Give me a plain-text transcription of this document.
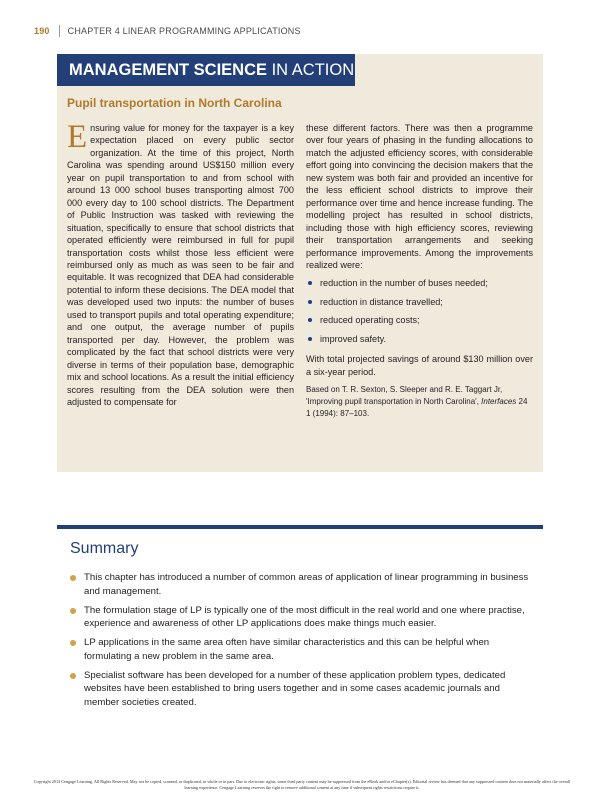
190 CHAPTER 4 LINEAR PROGRAMMING APPLICATIONS
MANAGEMENT SCIENCE IN ACTION
Pupil transportation in North Carolina

Ensuring value for money for the taxpayer is a key expectation placed on every public sector organization. At the time of this project, North Carolina was spending around US$150 million every year on pupil transportation to and from school with around 13 000 school buses transporting almost 700 000 every day to 100 school districts. The Department of Public Instruction was tasked with reviewing the situation, specifically to ensure that school districts that operated efficiently were reimbursed in full for pupil transportation costs whilst those less efficient were reimbursed only as much as was seen to be fair and equitable. It was recognized that DEA had considerable potential to inform these decisions. The DEA model that was developed used two inputs: the number of buses used to transport pupils and total operating expenditure; and one output, the average number of pupils transported per day. However, the problem was complicated by the fact that school districts were very diverse in terms of their population base, demographic mix and school locations. As a result the initial efficiency scores resulting from the DEA solution were then adjusted to compensate for

these different factors. There was then a programme over four years of phasing in the funding allocations to match the adjusted efficiency scores, with considerable effort going into convincing the decision makers that the new system was both fair and provided an incentive for the less efficient school districts to improve their performance over time and hence increase funding. The modelling project has resulted in school districts, including those with high efficiency scores, reviewing their transportation arrangements and seeking performance improvements. Among the improvements realized were:

reduction in the number of buses needed;
reduction in distance travelled;
reduced operating costs;
improved safety.

With total projected savings of around $130 million over a six-year period.

Based on T. R. Sexton, S. Sleeper and R. E. Taggart Jr, 'Improving pupil transportation in North Carolina', Interfaces 24 1 (1994): 87–103.
Summary
This chapter has introduced a number of common areas of application of linear programming in business and management.
The formulation stage of LP is typically one of the most difficult in the real world and one where practise, experience and awareness of other LP applications does make things much easier.
LP applications in the same area often have similar characteristics and this can be helpful when formulating a new problem in the same area.
Specialist software has been developed for a number of these application problem types, dedicated websites have been established to bring users together and in some cases academic journals and member societies created.
Copyright 2014 Cengage Learning. All Rights Reserved. May not be copied, scanned, or duplicated, in whole or in part. Due to electronic rights, some third party content may be suppressed from the eBook and/or eChapter(s). Editorial review has deemed that any suppressed content does not materially affect the overall learning experience. Cengage Learning reserves the right to remove additional content at any time if subsequent rights restrictions require it.
